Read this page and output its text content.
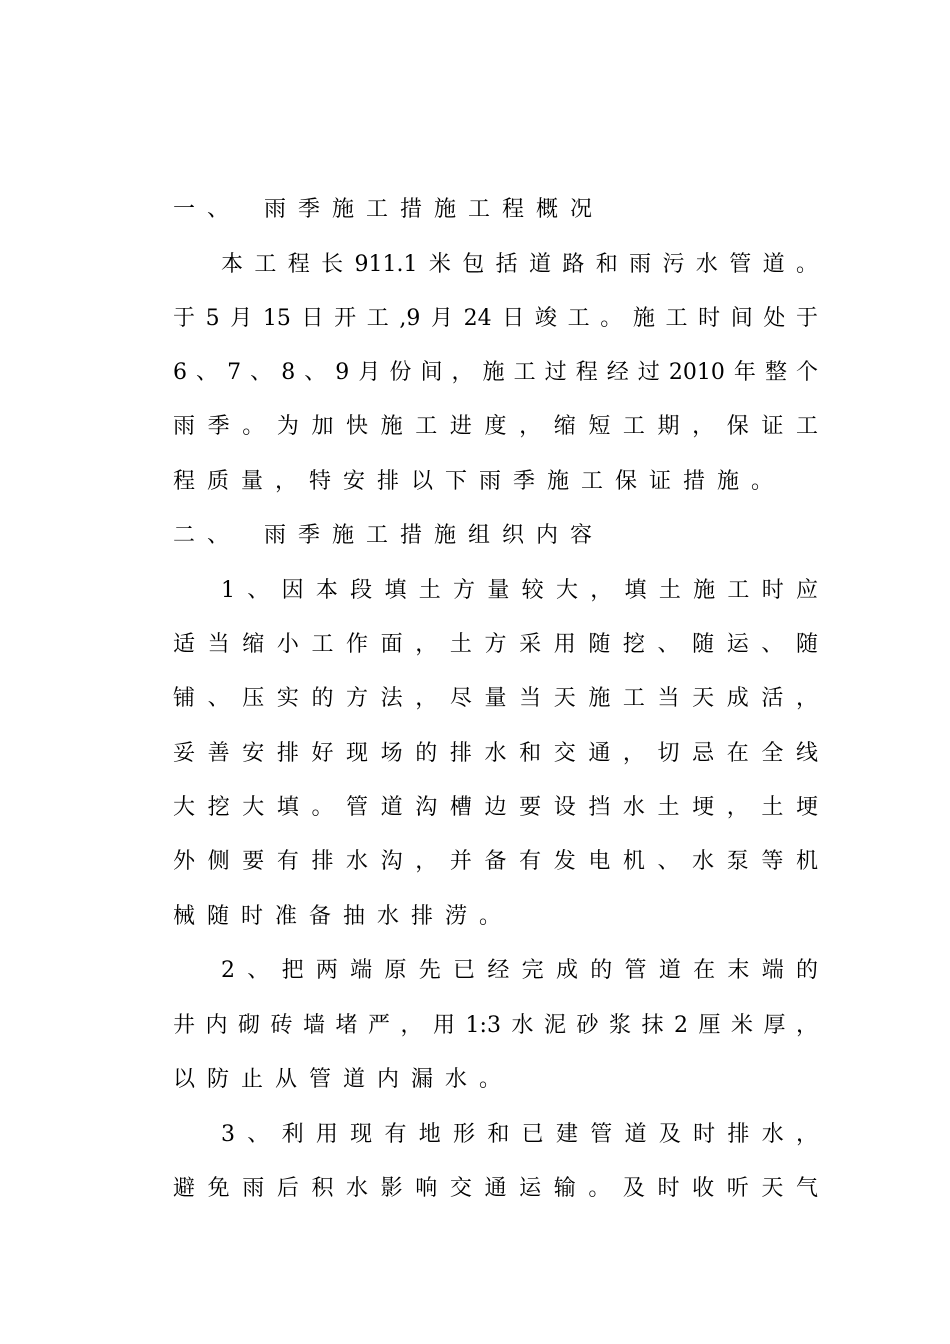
一、　雨季施工措施工程概况
本工程长911.1米包括道路和雨污水管道。
于5月15日开工,9月24日竣工。施工时间处于
6、7、8、9月份间，施工过程经过2010年整个
雨季。为加快施工进度，缩短工期，保证工
程质量，特安排以下雨季施工保证措施。
二、　雨季施工措施组织内容
1、因本段填土方量较大，填土施工时应
适当缩小工作面，土方采用随挖、随运、随
铺、压实的方法，尽量当天施工当天成活，
妥善安排好现场的排水和交通，切忌在全线
大挖大填。管道沟槽边要设挡水土埂，土埂
外侧要有排水沟，并备有发电机、水泵等机
械随时准备抽水排涝。
2、把两端原先已经完成的管道在末端的
井内砌砖墙堵严，用1:3水泥砂浆抹2厘米厚，
以防止从管道内漏水。
3、利用现有地形和已建管道及时排水，
避免雨后积水影响交通运输。及时收听天气
